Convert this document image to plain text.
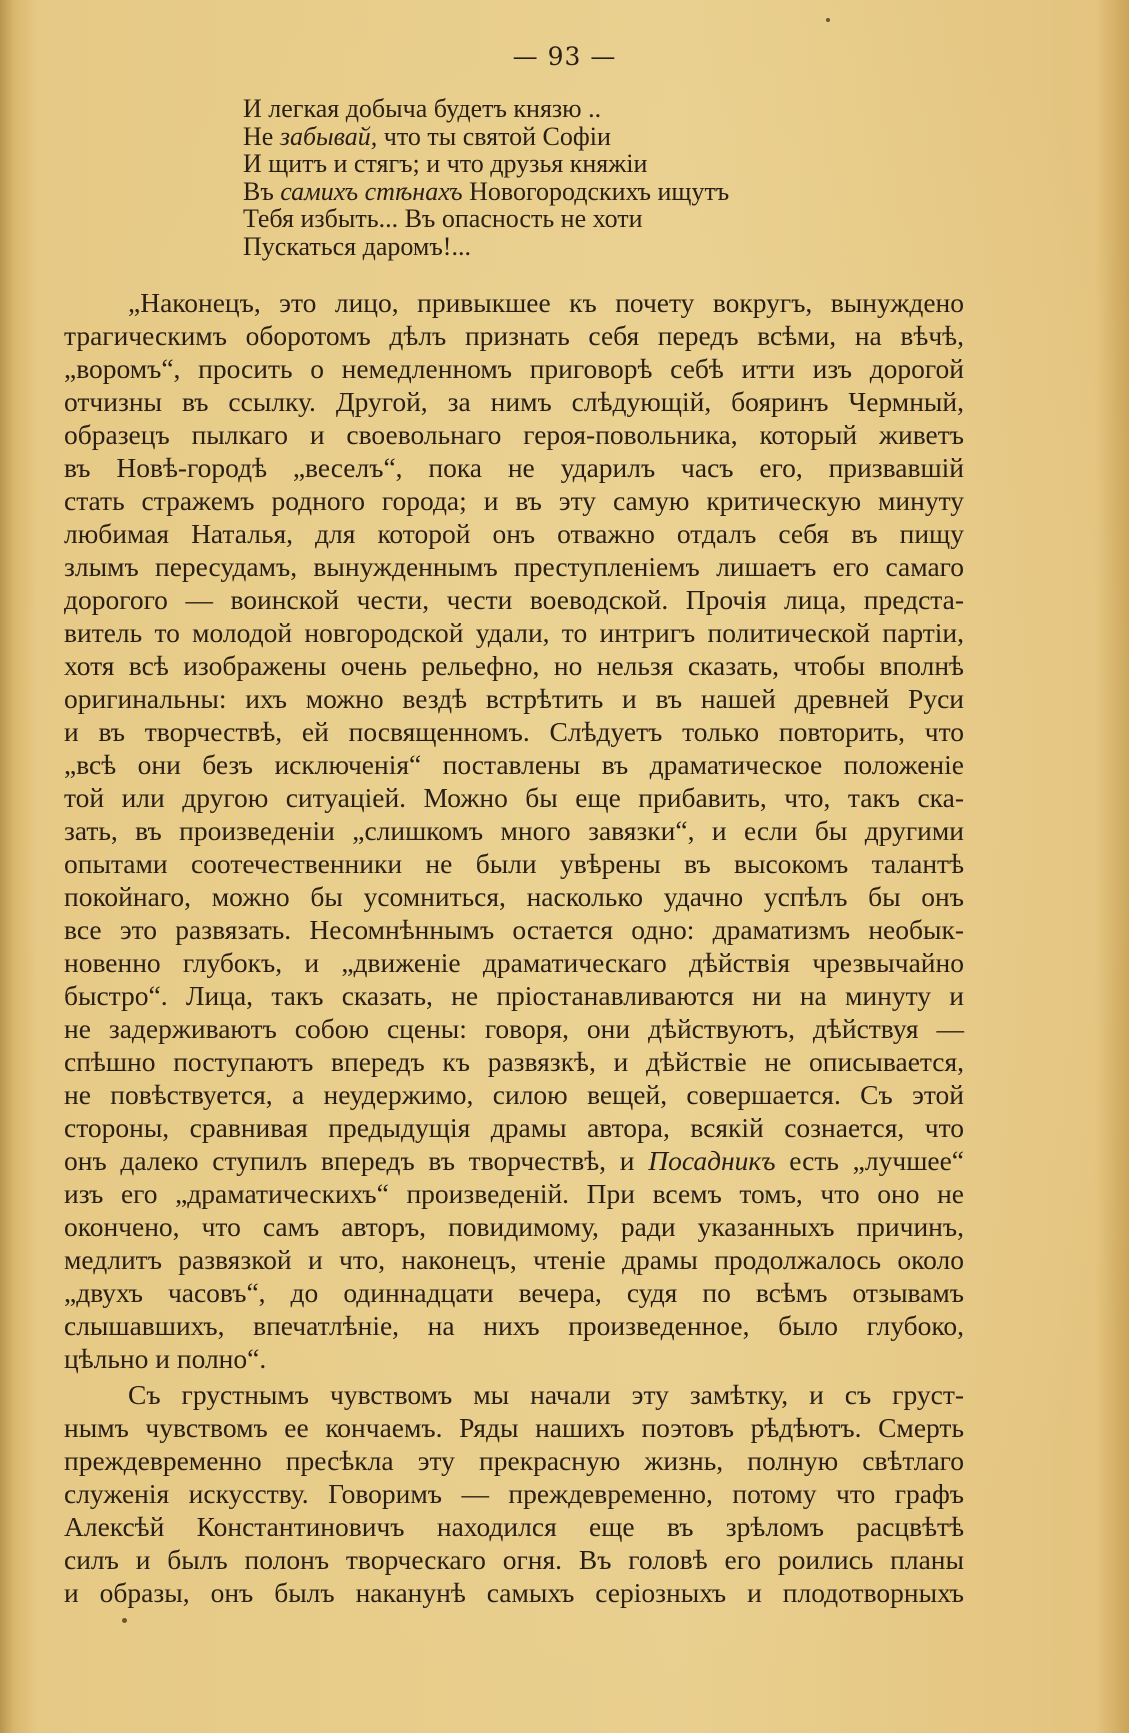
— 93 —
И легкая добыча будетъ князю ..
Не забывай, что ты святой Софіи
И щитъ и стягъ; и что друзья княжіи
Въ самихъ стѣнахъ Новогородскихъ ищутъ
Тебя избыть... Въ опасность не хоти
Пускаться даромъ!...
„Наконецъ, это лицо, привыкшее къ почету вокругъ, вынуждено
трагическимъ оборотомъ дѣлъ признать себя передъ всѣми, на вѣчѣ,
„воромъ“, просить о немедленномъ приговорѣ себѣ итти изъ дорогой
отчизны въ ссылку. Другой, за нимъ слѣдующій, бояринъ Чермный,
образецъ пылкаго и своевольнаго героя-повольника, который живетъ
въ Новѣ-городѣ „веселъ“, пока не ударилъ часъ его, призвавшій
стать стражемъ родного города; и въ эту самую критическую минуту
любимая Наталья, для которой онъ отважно отдалъ себя въ пищу
злымъ пересудамъ, вынужденнымъ преступленіемъ лишаетъ его самаго
дорогого — воинской чести, чести воеводской. Прочія лица, предста-
витель то молодой новгородской удали, то интригъ политической партіи,
хотя всѣ изображены очень рельефно, но нельзя сказать, чтобы вполнѣ
оригинальны: ихъ можно вездѣ встрѣтить и въ нашей древней Руси
и въ творчествѣ, ей посвященномъ. Слѣдуетъ только повторить, что
„всѣ они безъ исключенія“ поставлены въ драматическое положеніе
той или другою ситуаціей. Можно бы еще прибавить, что, такъ ска-
зать, въ произведеніи „слишкомъ много завязки“, и если бы другими
опытами соотечественники не были увѣрены въ высокомъ талантѣ
покойнаго, можно бы усомниться, насколько удачно успѣлъ бы онъ
все это развязать. Несомнѣннымъ остается одно: драматизмъ необык-
новенно глубокъ, и „движеніе драматическаго дѣйствія чрезвычайно
быстро“. Лица, такъ сказать, не пріостанавливаются ни на минуту и
не задерживаютъ собою сцены: говоря, они дѣйствуютъ, дѣйствуя —
спѣшно поступаютъ впередъ къ развязкѣ, и дѣйствіе не описывается,
не повѣствуется, а неудержимо, силою вещей, совершается. Съ этой
стороны, сравнивая предыдущія драмы автора, всякій сознается, что
онъ далеко ступилъ впередъ въ творчествѣ, и Посадникъ есть „лучшее“
изъ его „драматическихъ“ произведеній. При всемъ томъ, что оно не
окончено, что самъ авторъ, повидимому, ради указанныхъ причинъ,
медлитъ развязкой и что, наконецъ, чтеніе драмы продолжалось около
„двухъ часовъ“, до одиннадцати вечера, судя по всѣмъ отзывамъ
слышавшихъ, впечатлѣніе, на нихъ произведенное, было глубоко,
цѣльно и полно“.
Съ грустнымъ чувствомъ мы начали эту замѣтку, и съ груст-
нымъ чувствомъ ее кончаемъ. Ряды нашихъ поэтовъ рѣдѣютъ. Смерть
преждевременно пресѣкла эту прекрасную жизнь, полную свѣтлаго
служенія искусству. Говоримъ — преждевременно, потому что графъ
Алексѣй Константиновичъ находился еще въ зрѣломъ расцвѣтѣ
силъ и былъ полонъ творческаго огня. Въ головѣ его роились планы
и образы, онъ былъ наканунѣ самыхъ серіозныхъ и плодотворныхъ
